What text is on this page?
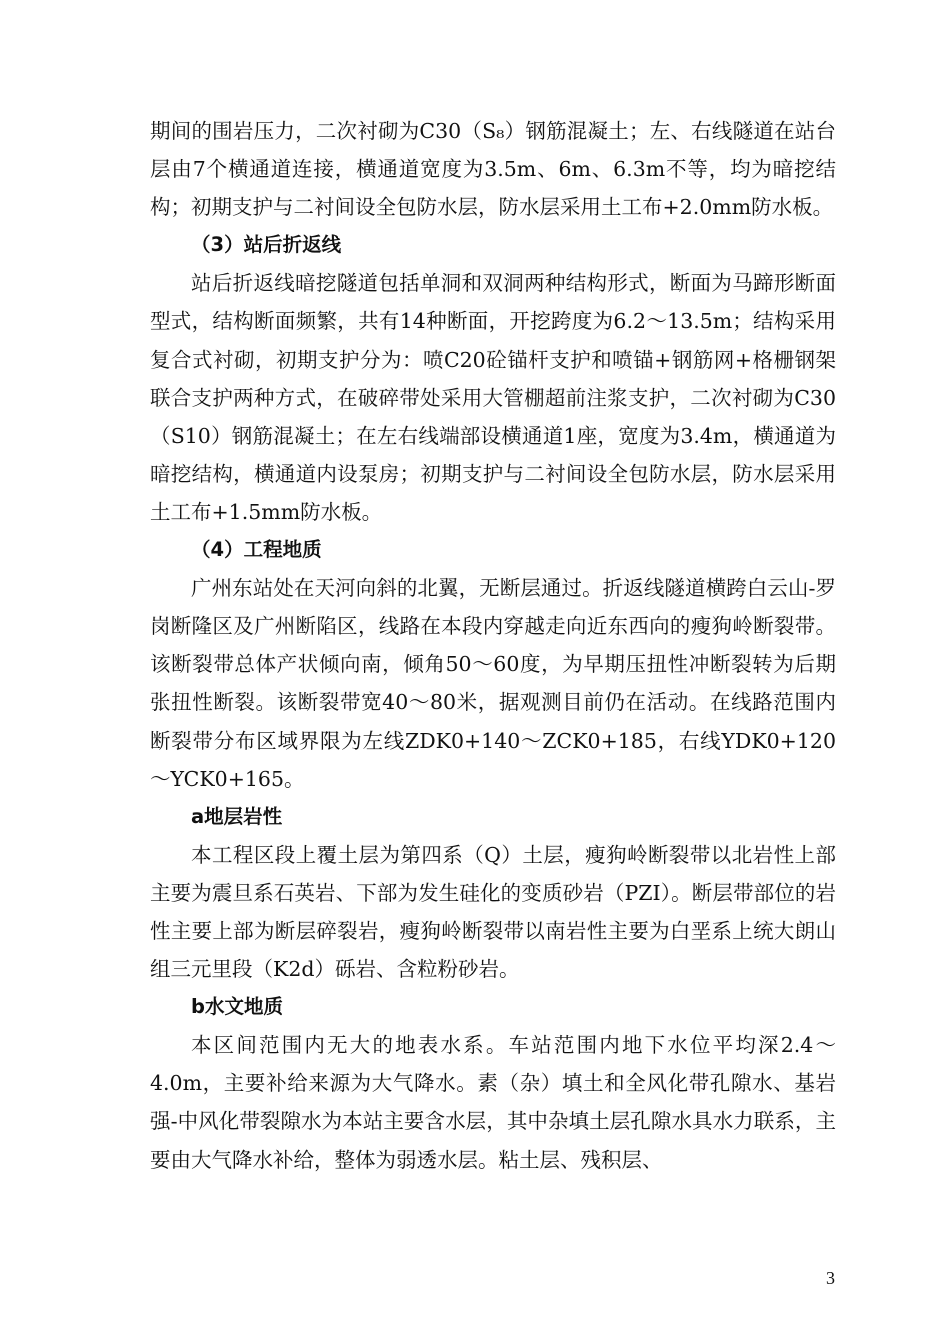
期间的围岩压力，二次衬砌为C30（S₈）钢筋混凝土；左、右线隧道在站台层由7个横通道连接，横通道宽度为3.5m、6m、6.3m不等，均为暗挖结构；初期支护与二衬间设全包防水层，防水层采用土工布+2.0mm防水板。

（3）站后折返线

站后折返线暗挖隧道包括单洞和双洞两种结构形式，断面为马蹄形断面型式，结构断面频繁，共有14种断面，开挖跨度为6.2～13.5m；结构采用复合式衬砌，初期支护分为：喷C20砼锚杆支护和喷锚+钢筋网+格栅钢架联合支护两种方式，在破碎带处采用大管棚超前注浆支护，二次衬砌为C30（S10）钢筋混凝土；在左右线端部设横通道1座，宽度为3.4m，横通道为暗挖结构，横通道内设泵房；初期支护与二衬间设全包防水层，防水层采用土工布+1.5mm防水板。

（4）工程地质

广州东站处在天河向斜的北翼，无断层通过。折返线隧道横跨白云山-罗岗断隆区及广州断陷区，线路在本段内穿越走向近东西向的瘦狗岭断裂带。该断裂带总体产状倾向南，倾角50～60度，为早期压扭性冲断裂转为后期张扭性断裂。该断裂带宽40～80米，据观测目前仍在活动。在线路范围内断裂带分布区域界限为左线ZDK0+140～ZCK0+185，右线YDK0+120～YCK0+165。

a地层岩性

本工程区段上覆土层为第四系（Q）土层，瘦狗岭断裂带以北岩性上部主要为震旦系石英岩、下部为发生硅化的变质砂岩（PZI）。断层带部位的岩性主要上部为断层碎裂岩，瘦狗岭断裂带以南岩性主要为白垩系上统大朗山组三元里段（K2d）砾岩、含粒粉砂岩。

b水文地质

本区间范围内无大的地表水系。车站范围内地下水位平均深2.4～4.0m，主要补给来源为大气降水。素（杂）填土和全风化带孔隙水、基岩强-中风化带裂隙水为本站主要含水层，其中杂填土层孔隙水具水力联系，主要由大气降水补给，整体为弱透水层。粘土层、残积层、

3
